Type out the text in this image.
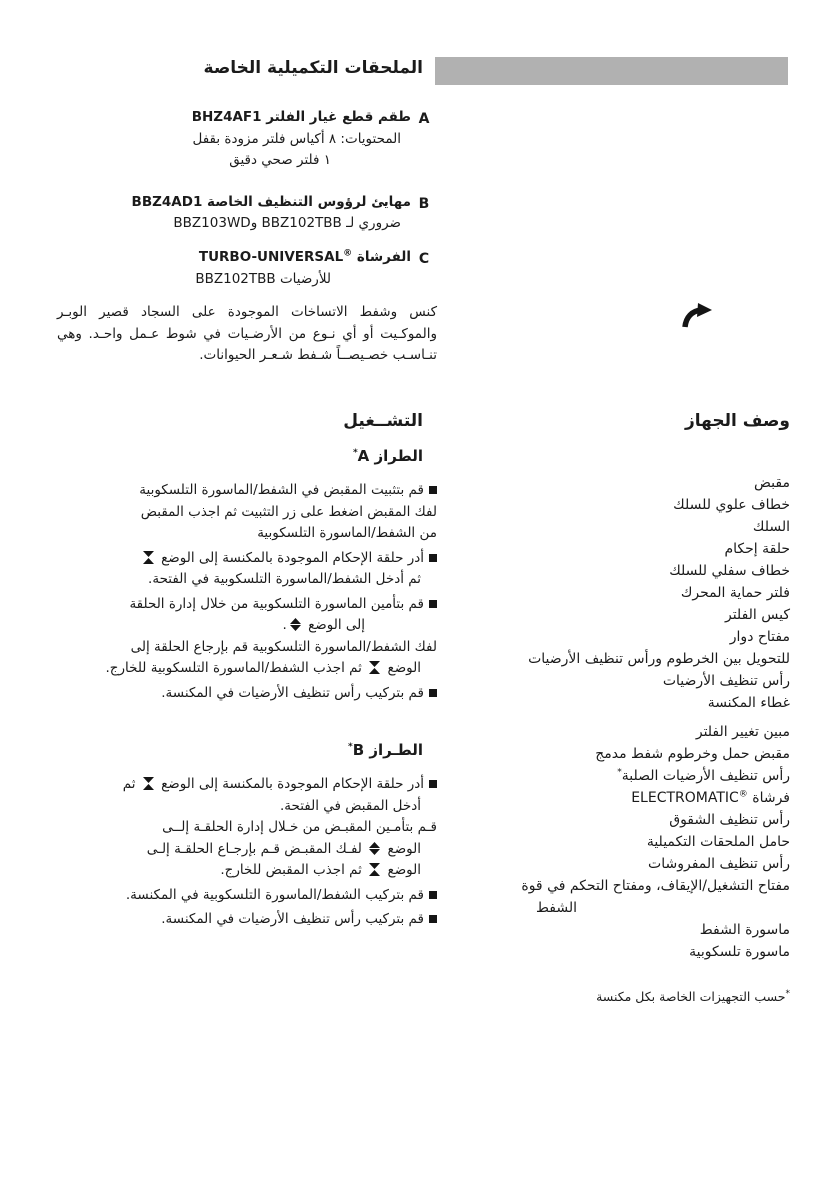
الملحقات التكميلية الخاصة
A
طقم قطع غيار الفلتر BHZ4AF1
المحتويات: ٨ أكياس فلتر مزودة بقفل
١ فلتر صحي دقيق
B
مهايئ لرؤوس التنظيف الخاصة BBZ4AD1
ضروري لـ BBZ102TBB وBBZ103WD
C
الفرشاة TURBO-UNIVERSAL®
للأرضيات BBZ102TBB

كنس وشفط الاتساخات الموجودة على السجاد قصير الوبـر والموكـيت أو أي نـوع من الأرضـيات في شوط عـمل واحـد. وهي تنـاسـب خصـيصــاً شـفط شـعـر الحيوانات.

التشــغيل
الطراز A*
قم بتثبيت المقبض في الشفط/الماسورة التلسكوبية
لفك المقبض اضغط على زر التثبيت ثم اجذب المقبض
من الشفط/الماسورة التلسكوبية
أدر حلقة الإحكام الموجودة بالمكنسة إلى الوضع
ثم أدخل الشفط/الماسورة التلسكوبية في الفتحة.
قم بتأمين الماسورة التلسكوبية من خلال إدارة الحلقة
إلى الوضع .
لفك الشفط/الماسورة التلسكوبية قم بإرجاع الحلقة إلى
الوضع  ثم اجذب الشفط/الماسورة التلسكوبية للخارج.
قم بتركيب رأس تنظيف الأرضيات في المكنسة.
الطـراز B*
أدر حلقة الإحكام الموجودة بالمكنسة إلى الوضع  ثم
أدخل المقبض في الفتحة.
قـم بتأمـين المقبـض من خـلال إدارة الحلقـة إلــى
الوضع  لفـك المقبـض قـم بإرجـاع الحلقـة إلـى
الوضع  ثم اجذب المقبض للخارج.
قم بتركيب الشفط/الماسورة التلسكوبية في المكنسة.
قم بتركيب رأس تنظيف الأرضيات في المكنسة.
وصف الجهاز
مقبض
خطاف علوي للسلك
السلك
حلقة إحكام
خطاف سفلي للسلك
فلتر حماية المحرك
كيس الفلتر
مفتاح دوار
للتحويل بين الخرطوم ورأس تنظيف الأرضيات
رأس تنظيف الأرضيات
غطاء المكنسة
مبين تغيير الفلتر
مقبض حمل وخرطوم شفط مدمج
رأس تنظيف الأرضيات الصلبة*
فرشاة ELECTROMATIC®
رأس تنظيف الشقوق
حامل الملحقات التكميلية
رأس تنظيف المفروشات
مفتاح التشغيل/الإيقاف، ومفتاح التحكم في قوة
الشفط
ماسورة الشفط
ماسورة تلسكوبية
*حسب التجهيزات الخاصة بكل مكنسة
